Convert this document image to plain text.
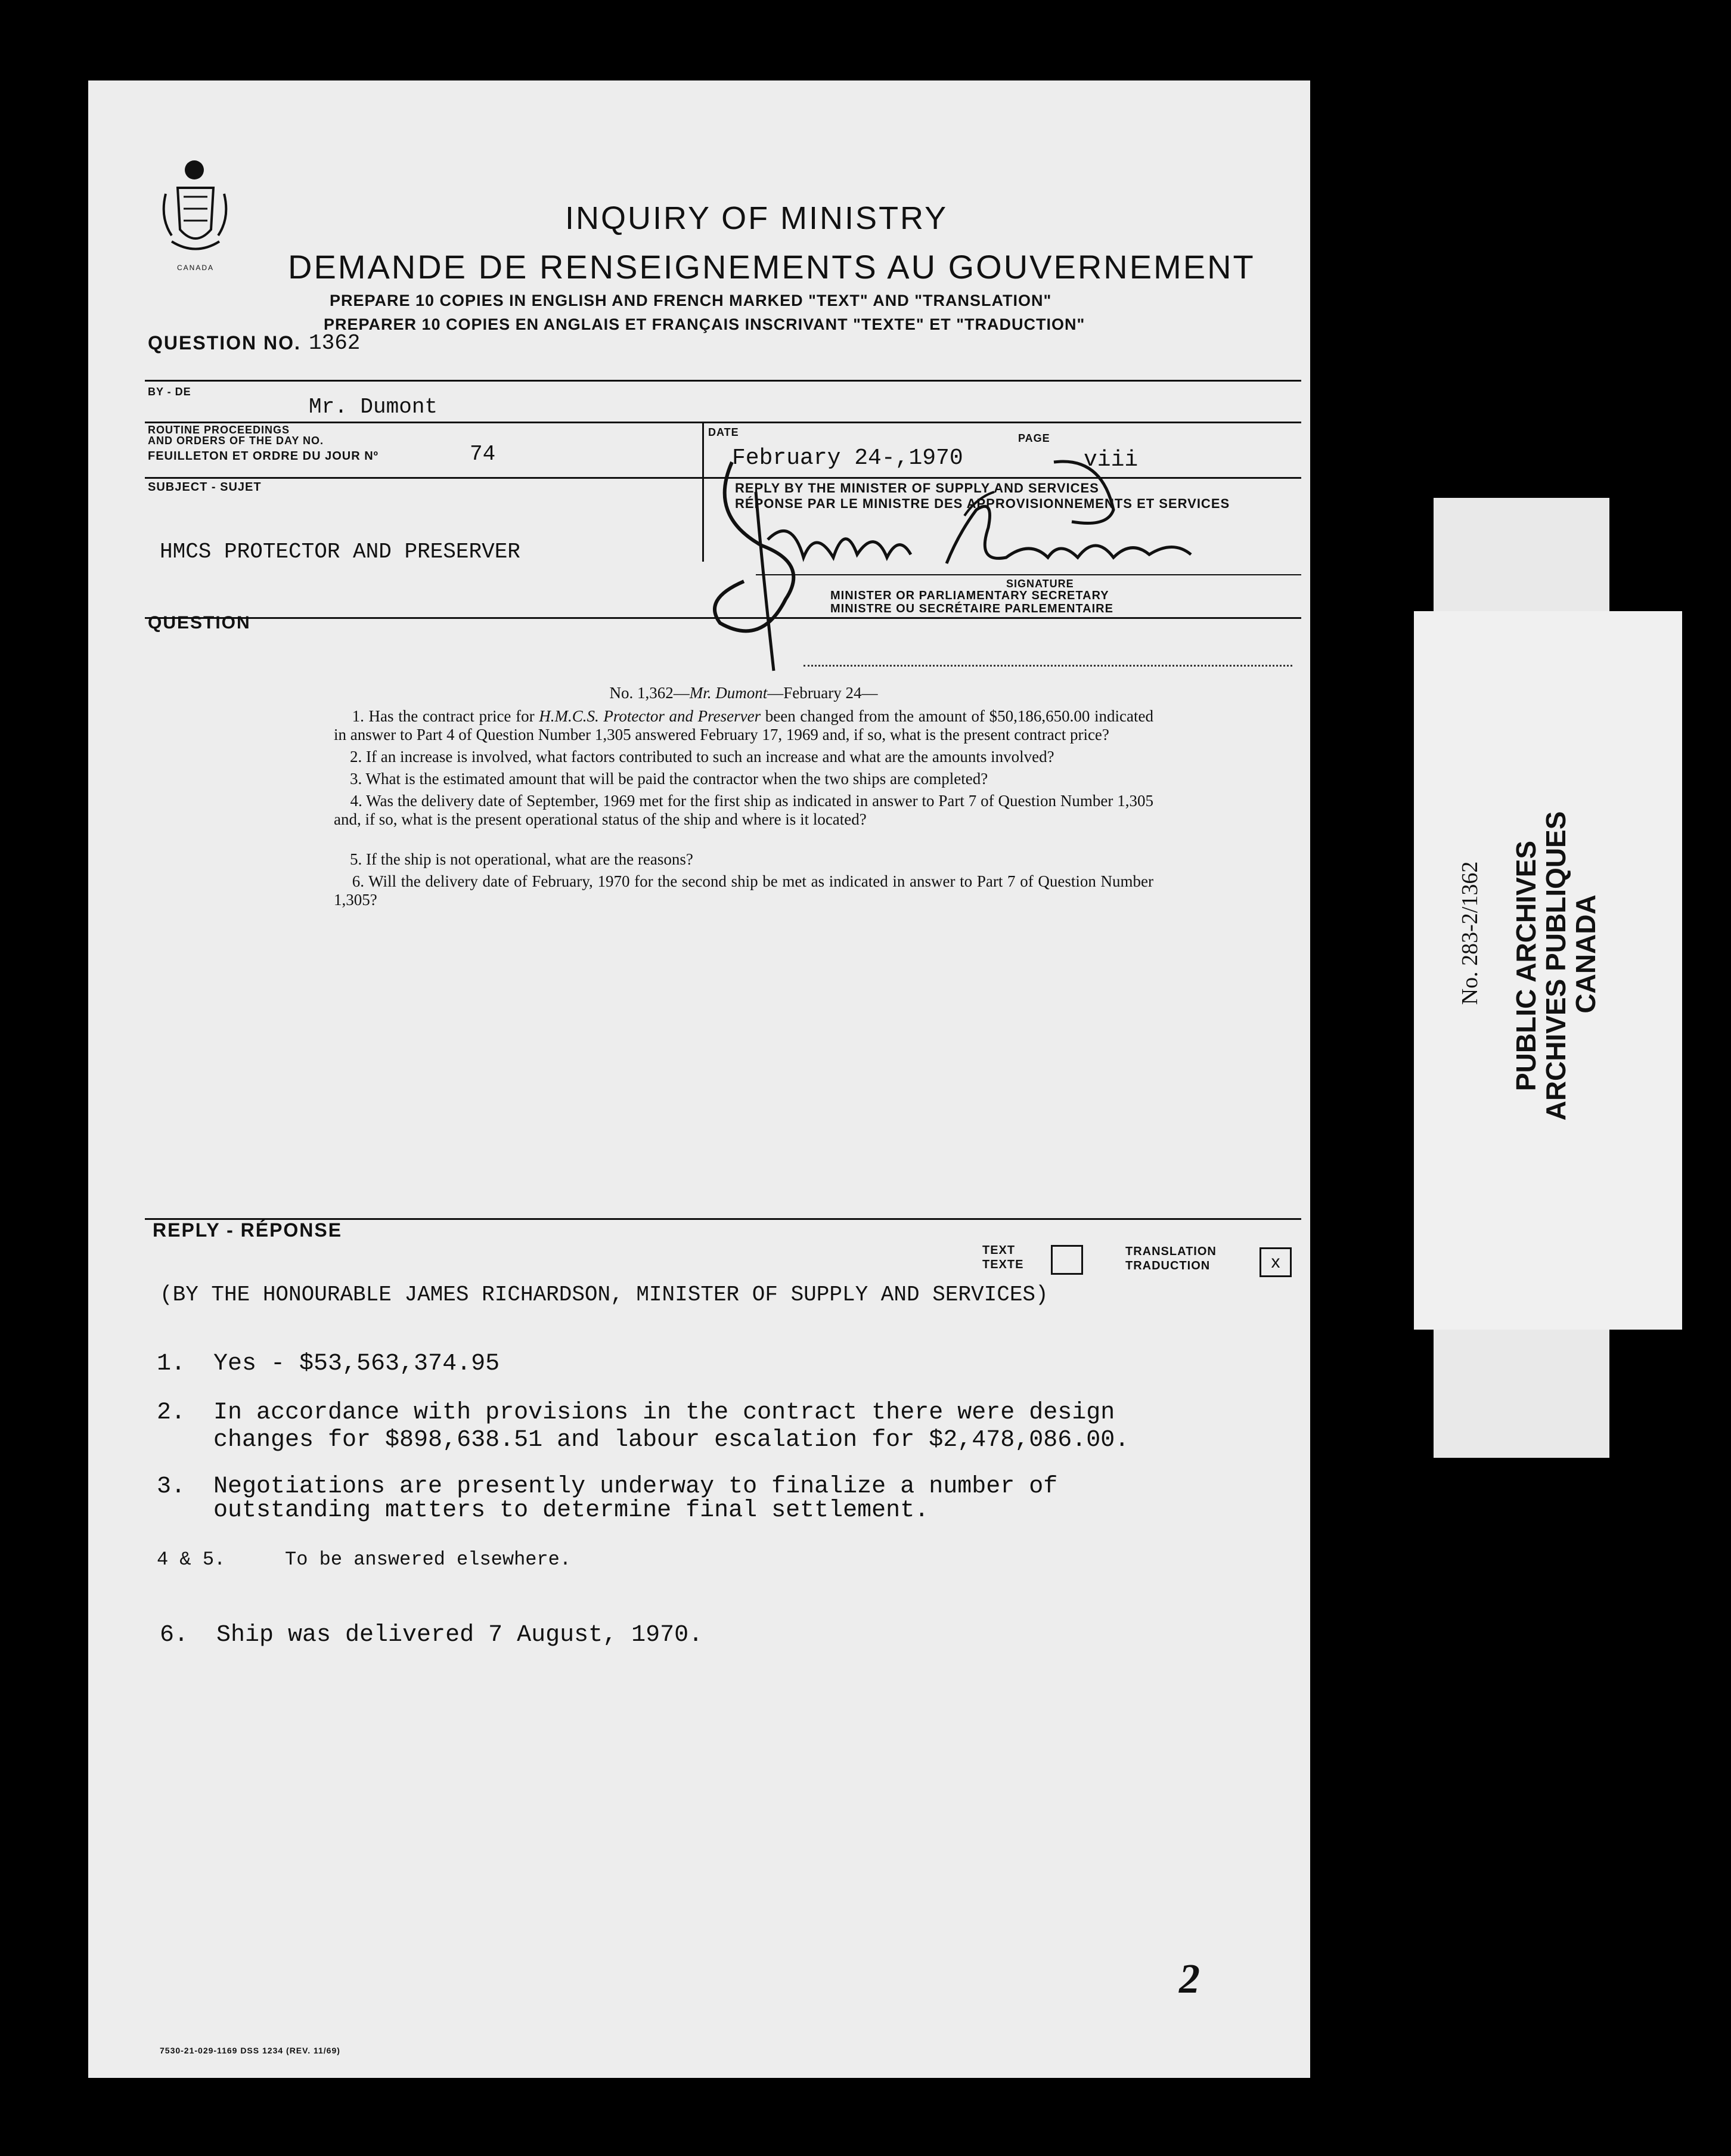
CANADA
INQUIRY OF MINISTRY
DEMANDE DE RENSEIGNEMENTS AU GOUVERNEMENT
PREPARE 10 COPIES IN ENGLISH AND FRENCH MARKED "TEXT" AND "TRANSLATION"
PREPARER 10 COPIES EN ANGLAIS ET FRANÇAIS INSCRIVANT "TEXTE" ET "TRADUCTION"
QUESTION NO. 1362
BY - DE
Mr. Dumont
ROUTINE PROCEEDINGS
AND ORDERS OF THE DAY NO.
FEUILLETON ET ORDRE DU JOUR Nº	74
DATE
February 24-,1970
PAGE
viii
SUBJECT - SUJET	REPLY BY THE MINISTER OF SUPPLY AND SERVICES
RÉPONSE PAR LE MINISTRE DES APPROVISIONNEMENTS ET SERVICES
HMCS PROTECTOR AND PRESERVER
SIGNATURE
MINISTER OR PARLIAMENTARY SECRETARY
MINISTRE OU SECRÉTAIRE PARLEMENTAIRE
QUESTION
No. 1,362—Mr. Dumont—February 24—

1. Has the contract price for H.M.C.S. Protector and Preserver been changed from the amount of $50,186,650.00 indicated in answer to Part 4 of Question Number 1,305 answered February 17, 1969 and, if so, what is the present contract price?

2. If an increase is involved, what factors contributed to such an increase and what are the amounts involved?

3. What is the estimated amount that will be paid the contractor when the two ships are completed?

4. Was the delivery date of September, 1969 met for the first ship as indicated in answer to Part 7 of Question Number 1,305 and, if so, what is the present operational status of the ship and where is it located?

5. If the ship is not operational, what are the reasons?

6. Will the delivery date of February, 1970 for the second ship be met as indicated in answer to Part 7 of Question Number 1,305?

REPLY - RÉPONSE
TEXT
TEXTE
TRANSLATION
TRADUCTION	x
(BY THE HONOURABLE JAMES RICHARDSON, MINISTER OF SUPPLY AND SERVICES)
1. Yes - $53,563,374.95
2. In accordance with provisions in the contract there were design
changes for $898,638.51 and labour escalation for $2,478,086.00.
3. Negotiations are presently underway to finalize a number of
outstanding matters to determine final settlement.
4 & 5.	To be answered elsewhere.
6. Ship was delivered 7 August, 1970.
2
7530-21-029-1169 DSS 1234 (REV. 11/69)
No. 283-2/1362 PUBLIC ARCHIVES
ARCHIVES PUBLIQUES
CANADA
